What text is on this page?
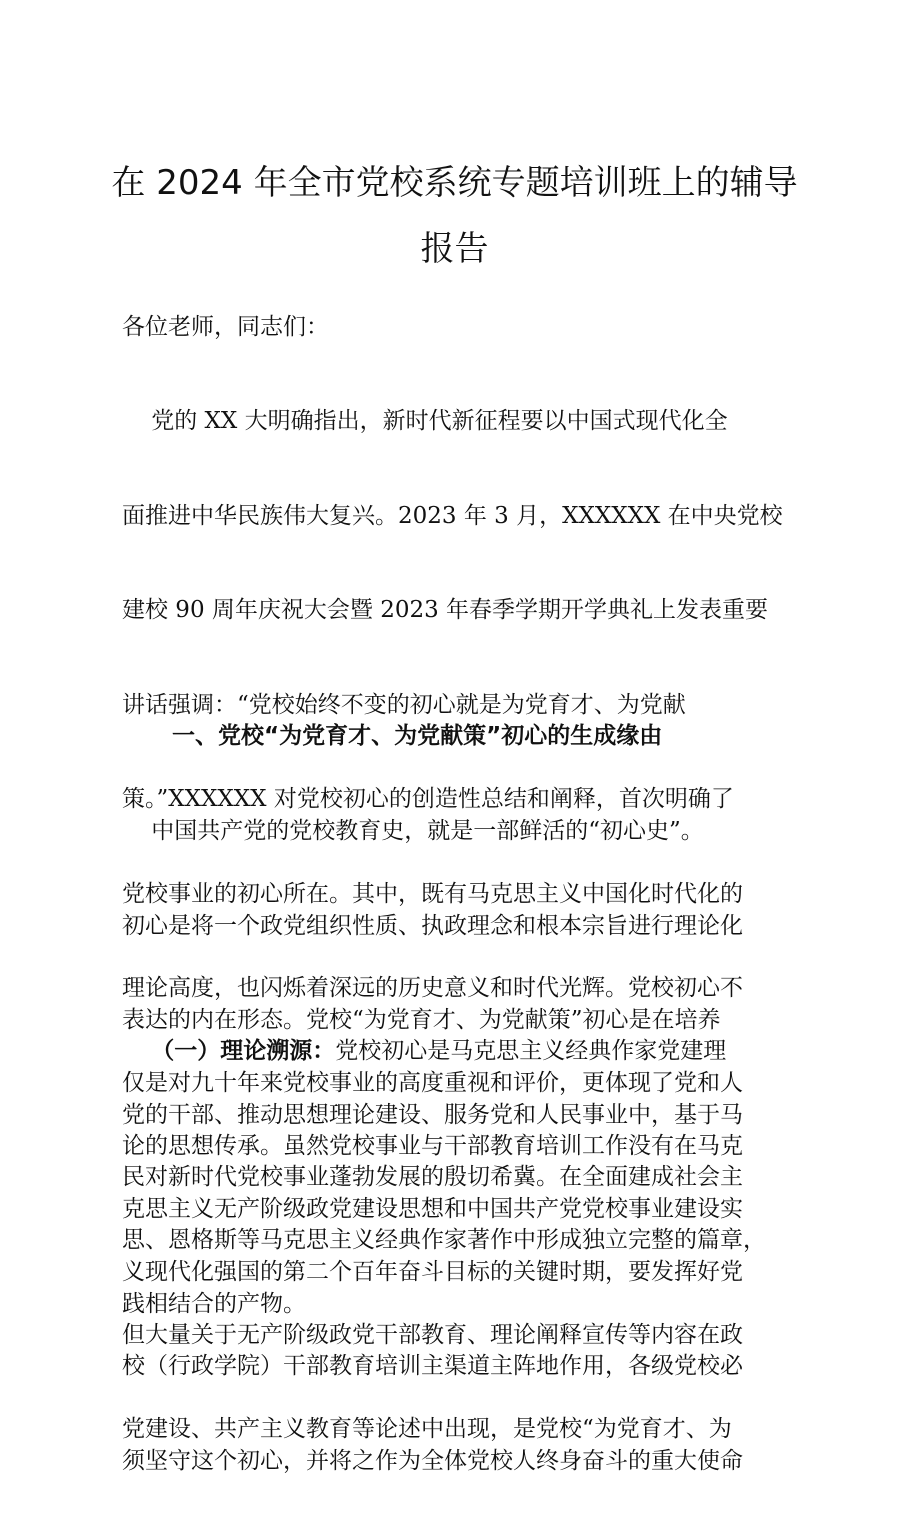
在 2024 年全市党校系统专题培训班上的辅导
报告
各位老师，同志们：

党的 XX 大明确指出，新时代新征程要以中国式现代化全

面推进中华民族伟大复兴。2023 年 3 月，XXXXXX 在中央党校

建校 90 周年庆祝大会暨 2023 年春季学期开学典礼上发表重要

讲话强调：“党校始终不变的初心就是为党育才、为党献

策。”XXXXXX 对党校初心的创造性总结和阐释，首次明确了

党校事业的初心所在。其中，既有马克思主义中国化时代化的

理论高度，也闪烁着深远的历史意义和时代光辉。党校初心不

仅是对九十年来党校事业的高度重视和评价，更体现了党和人

民对新时代党校事业蓬勃发展的殷切希冀。在全面建成社会主

义现代化强国的第二个百年奋斗目标的关键时期，要发挥好党

校（行政学院）干部教育培训主渠道主阵地作用，各级党校必

须坚守这个初心，并将之作为全体党校人终身奋斗的重大使命

一、党校“为党育才、为党献策”初心的生成缘由

中国共产党的党校教育史，就是一部鲜活的“初心史”。

初心是将一个政党组织性质、执政理念和根本宗旨进行理论化

表达的内在形态。党校“为党育才、为党献策”初心是在培养

党的干部、推动思想理论建设、服务党和人民事业中，基于马

克思主义无产阶级政党建设思想和中国共产党党校事业建设实

践相结合的产物。

（一）理论溯源：党校初心是马克思主义经典作家党建理

论的思想传承。虽然党校事业与干部教育培训工作没有在马克

思、恩格斯等马克思主义经典作家著作中形成独立完整的篇章，

但大量关于无产阶级政党干部教育、理论阐释宣传等内容在政

党建设、共产主义教育等论述中出现，是党校“为党育才、为
